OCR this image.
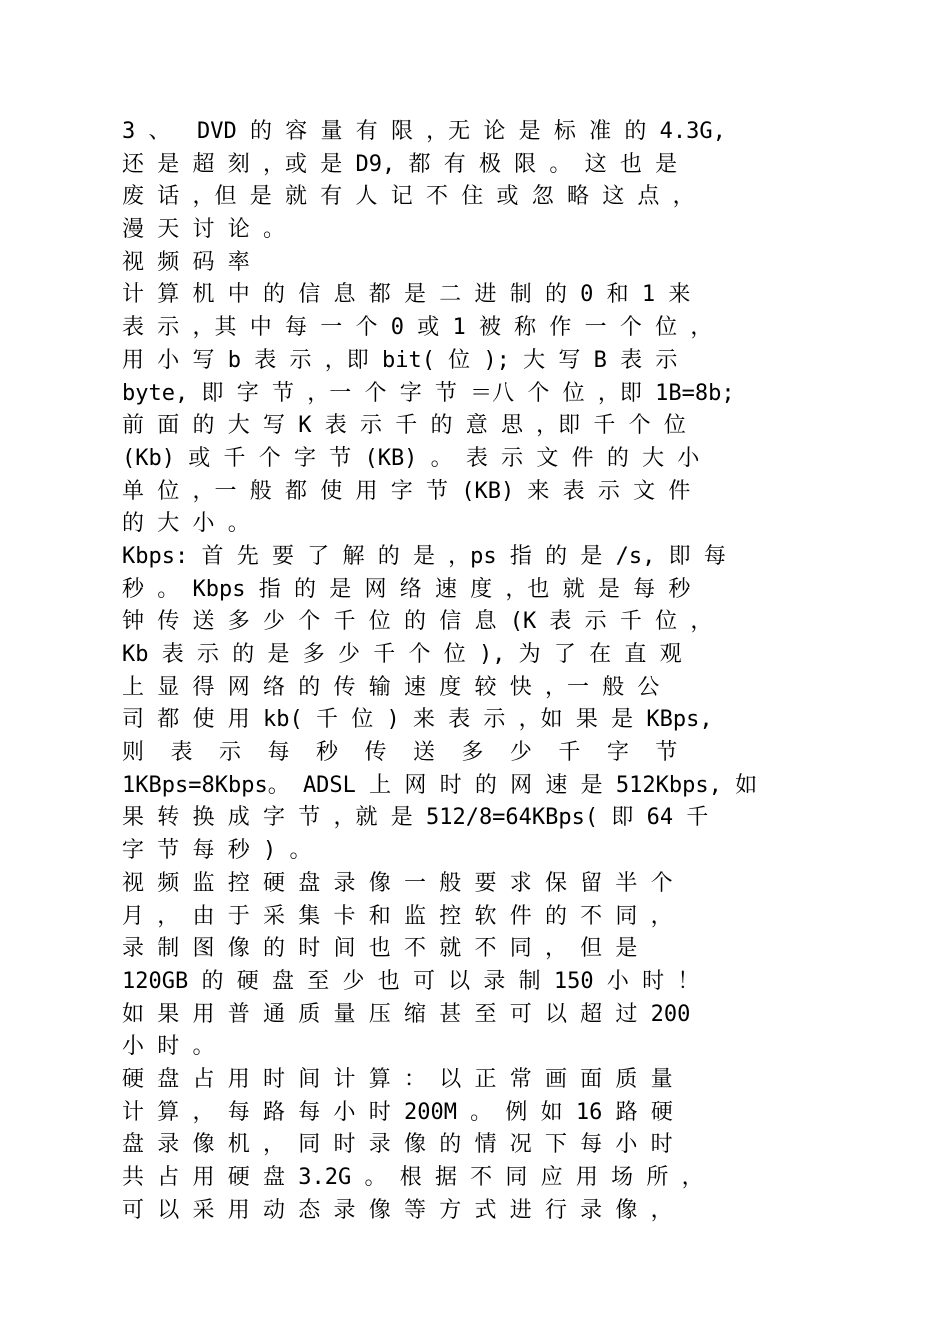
3 、  DVD 的 容 量 有 限 ，无 论 是 标 准 的 4.3G,
还 是 超 刻 ，或 是 D9, 都 有 极 限 。 这 也 是
废 话 ，但 是 就 有 人 记 不 住 或 忽 略 这 点 ，
漫 天 讨 论 。
视 频 码 率
计 算 机 中 的 信 息 都 是 二 进 制 的 0 和 1 来
表 示 ，其 中 每 一 个 0 或 1 被 称 作 一 个 位 ，
用 小 写 b 表 示 ，即 bit( 位 ); 大 写 B 表 示
byte, 即 字 节 ，一 个 字 节 ＝八 个 位 ，即 1B=8b;
前 面 的 大 写 K 表 示 千 的 意 思 ，即 千 个 位
(Kb) 或 千 个 字 节 (KB) 。 表 示 文 件 的 大 小
单 位 ，一 般 都 使 用 字 节 (KB) 来 表 示 文 件
的 大 小 。
Kbps: 首 先 要 了 解 的 是 ，ps 指 的 是 /s, 即 每
秒 。 Kbps 指 的 是 网 络 速 度 ，也 就 是 每 秒
钟 传 送 多 少 个 千 位 的 信 息 (K 表 示 千 位 ，
Kb 表 示 的 是 多 少 千 个 位 ), 为 了 在 直 观
上 显 得 网 络 的 传 输 速 度 较 快 ，一 般 公
司 都 使 用 kb( 千 位 ) 来 表 示 ，如 果 是 KBps,
则  表  示  每  秒  传  送  多  少  千  字  节
1KBps=8Kbps。 ADSL 上 网 时 的 网 速 是 512Kbps, 如
果 转 换 成 字 节 ，就 是 512/8=64KBps( 即 64 千
字 节 每 秒 ) 。
视 频 监 控 硬 盘 录 像 一 般 要 求 保 留 半 个
月 ， 由 于 采 集 卡 和 监 控 软 件 的 不 同 ，
录 制 图 像 的 时 间 也 不 就 不 同 ， 但 是
120GB 的 硬 盘 至 少 也 可 以 录 制 150 小 时 ！
如 果 用 普 通 质 量 压 缩 甚 至 可 以 超 过 200
小 时 。
硬 盘 占 用 时 间 计 算 ： 以 正 常 画 面 质 量
计 算 ， 每 路 每 小 时 200M 。 例 如 16 路 硬
盘 录 像 机 ， 同 时 录 像 的 情 况 下 每 小 时
共 占 用 硬 盘 3.2G 。 根 据 不 同 应 用 场 所 ，
可 以 采 用 动 态 录 像 等 方 式 进 行 录 像 ，
